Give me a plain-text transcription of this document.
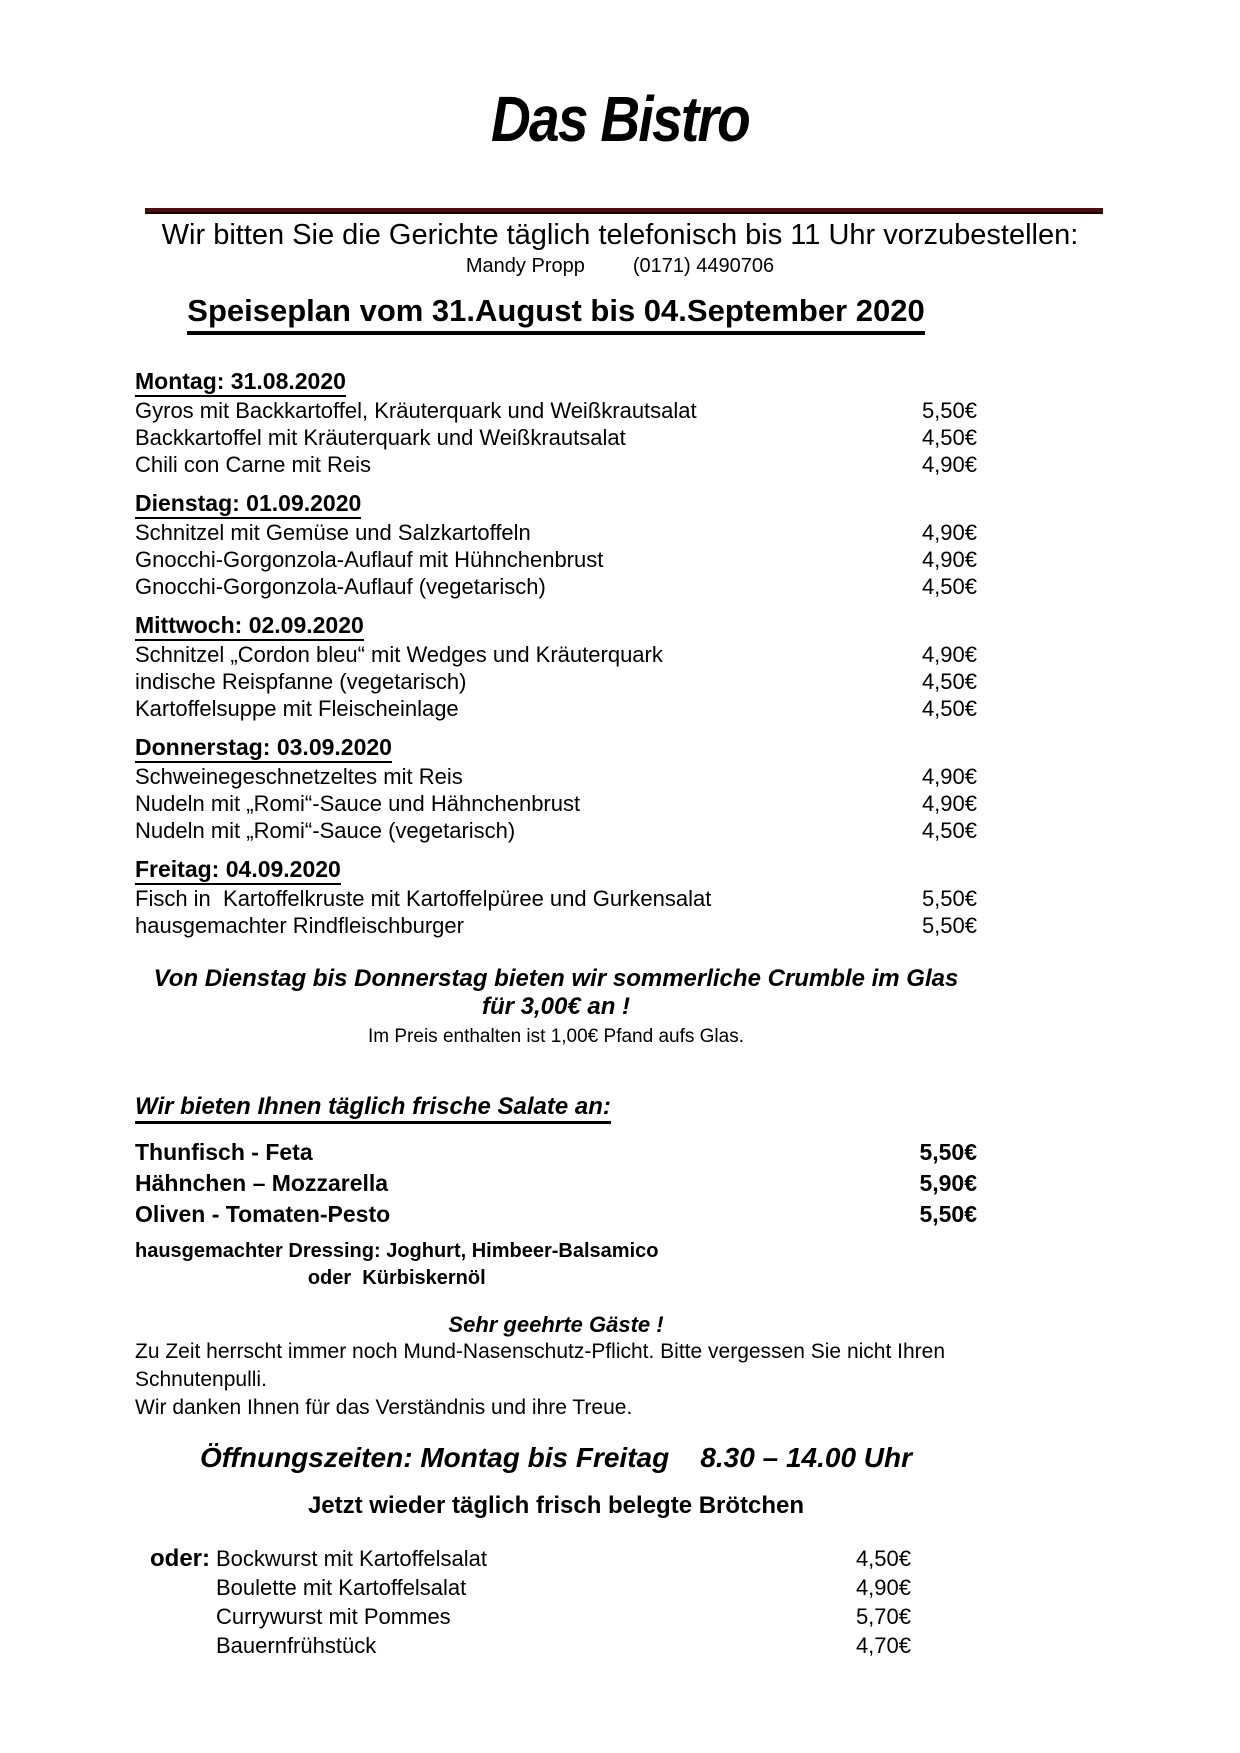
Das Bistro
Wir bitten Sie die Gerichte täglich telefonisch bis 11 Uhr vorzubestellen:
Mandy Propp (0171) 4490706
Speiseplan vom 31.August bis 04.September 2020
Montag: 31.08.2020
Gyros mit Backkartoffel, Kräuterquark und Weißkrautsalat	5,50€
Backkartoffel mit Kräuterquark und Weißkrautsalat	4,50€
Chili con Carne mit Reis	4,90€
Dienstag: 01.09.2020
Schnitzel mit Gemüse und Salzkartoffeln	4,90€
Gnocchi-Gorgonzola-Auflauf mit Hühnchenbrust	4,90€
Gnocchi-Gorgonzola-Auflauf (vegetarisch)	4,50€
Mittwoch: 02.09.2020
Schnitzel „Cordon bleu“ mit Wedges und Kräuterquark	4,90€
indische Reispfanne (vegetarisch)	4,50€
Kartoffelsuppe mit Fleischeinlage	4,50€
Donnerstag: 03.09.2020
Schweinegeschnetzeltes mit Reis	4,90€
Nudeln mit „Romi“-Sauce und Hähnchenbrust	4,90€
Nudeln mit „Romi“-Sauce (vegetarisch)	4,50€
Freitag: 04.09.2020
Fisch in  Kartoffelkruste mit Kartoffelpüree und Gurkensalat	5,50€
hausgemachter Rindfleischburger	5,50€
Von Dienstag bis Donnerstag bieten wir sommerliche Crumble im Glas für 3,00€ an !
Im Preis enthalten ist 1,00€ Pfand aufs Glas.
Wir bieten Ihnen täglich frische Salate an:
Thunfisch - Feta	5,50€
Hähnchen – Mozzarella	5,90€
Oliven - Tomaten-Pesto	5,50€
hausgemachter Dressing: Joghurt, Himbeer-Balsamico
oder  Kürbiskernöl
Sehr geehrte Gäste !
Zu Zeit herrscht immer noch Mund-Nasenschutz-Pflicht. Bitte vergessen Sie nicht Ihren Schnutenpulli.
Wir danken Ihnen für das Verständnis und ihre Treue.
Öffnungszeiten: Montag bis Freitag    8.30 – 14.00 Uhr
Jetzt wieder täglich frisch belegte Brötchen
oder: Bockwurst mit Kartoffelsalat	4,50€
Boulette mit Kartoffelsalat	4,90€
Currywurst mit Pommes	5,70€
Bauernfrühstück	4,70€
